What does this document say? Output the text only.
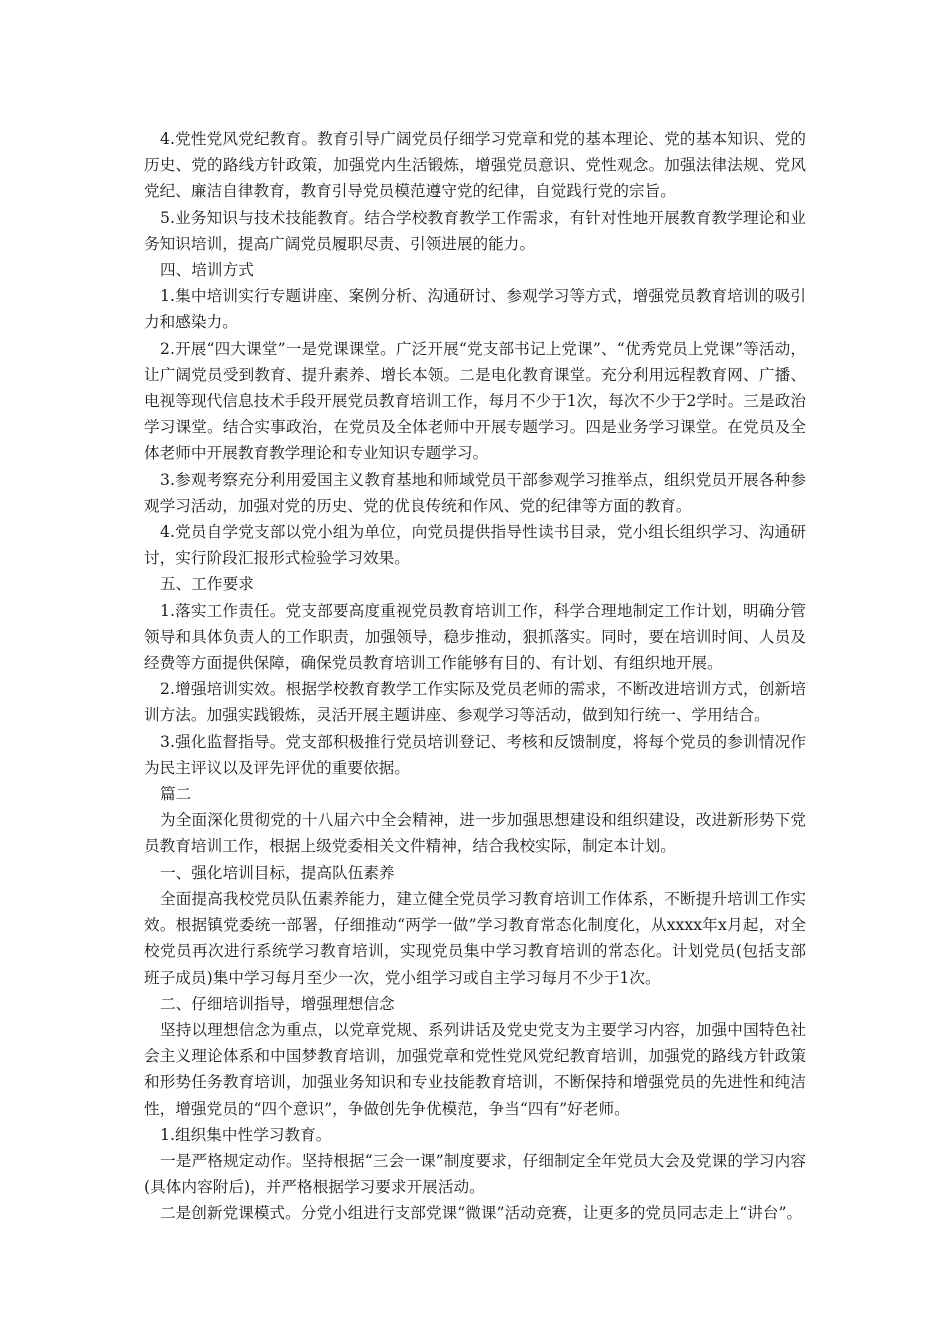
4.党性党风党纪教育。教育引导广阔党员仔细学习党章和党的基本理论、党的基本知识、党的历史、党的路线方针政策，加强党内生活锻炼，增强党员意识、党性观念。加强法律法规、党风党纪、廉洁自律教育，教育引导党员模范遵守党的纪律，自觉践行党的宗旨。

5.业务知识与技术技能教育。结合学校教育教学工作需求，有针对性地开展教育教学理论和业务知识培训，提高广阔党员履职尽责、引领进展的能力。

四、培训方式

1.集中培训实行专题讲座、案例分析、沟通研讨、参观学习等方式，增强党员教育培训的吸引力和感染力。

2.开展“四大课堂”一是党课课堂。广泛开展“党支部书记上党课”、“优秀党员上党课”等活动，让广阔党员受到教育、提升素养、增长本领。二是电化教育课堂。充分利用远程教育网、广播、电视等现代信息技术手段开展党员教育培训工作，每月不少于1次，每次不少于2学时。三是政治学习课堂。结合实事政治，在党员及全体老师中开展专题学习。四是业务学习课堂。在党员及全体老师中开展教育教学理论和专业知识专题学习。

3.参观考察充分利用爱国主义教育基地和师域党员干部参观学习推举点，组织党员开展各种参观学习活动，加强对党的历史、党的优良传统和作风、党的纪律等方面的教育。

4.党员自学党支部以党小组为单位，向党员提供指导性读书目录，党小组长组织学习、沟通研讨，实行阶段汇报形式检验学习效果。

五、工作要求

1.落实工作责任。党支部要高度重视党员教育培训工作，科学合理地制定工作计划，明确分管领导和具体负责人的工作职责，加强领导，稳步推动，狠抓落实。同时，要在培训时间、人员及经费等方面提供保障，确保党员教育培训工作能够有目的、有计划、有组织地开展。

2.增强培训实效。根据学校教育教学工作实际及党员老师的需求，不断改进培训方式，创新培训方法。加强实践锻炼，灵活开展主题讲座、参观学习等活动，做到知行统一、学用结合。

3.强化监督指导。党支部积极推行党员培训登记、考核和反馈制度，将每个党员的参训情况作为民主评议以及评先评优的重要依据。

篇二

为全面深化贯彻党的十八届六中全会精神，进一步加强思想建设和组织建设，改进新形势下党员教育培训工作，根据上级党委相关文件精神，结合我校实际，制定本计划。

一、强化培训目标，提高队伍素养

全面提高我校党员队伍素养能力，建立健全党员学习教育培训工作体系，不断提升培训工作实效。根据镇党委统一部署，仔细推动“两学一做”学习教育常态化制度化，从xxxx年x月起，对全校党员再次进行系统学习教育培训，实现党员集中学习教育培训的常态化。计划党员(包括支部班子成员)集中学习每月至少一次，党小组学习或自主学习每月不少于1次。

二、仔细培训指导，增强理想信念

坚持以理想信念为重点，以党章党规、系列讲话及党史党支为主要学习内容，加强中国特色社会主义理论体系和中国梦教育培训，加强党章和党性党风党纪教育培训，加强党的路线方针政策和形势任务教育培训，加强业务知识和专业技能教育培训，不断保持和增强党员的先进性和纯洁性，增强党员的“四个意识”，争做创先争优模范，争当“四有”好老师。

1.组织集中性学习教育。

一是严格规定动作。坚持根据“三会一课”制度要求，仔细制定全年党员大会及党课的学习内容(具体内容附后)，并严格根据学习要求开展活动。

二是创新党课模式。分党小组进行支部党课“微课”活动竞赛，让更多的党员同志走上“讲台”。
